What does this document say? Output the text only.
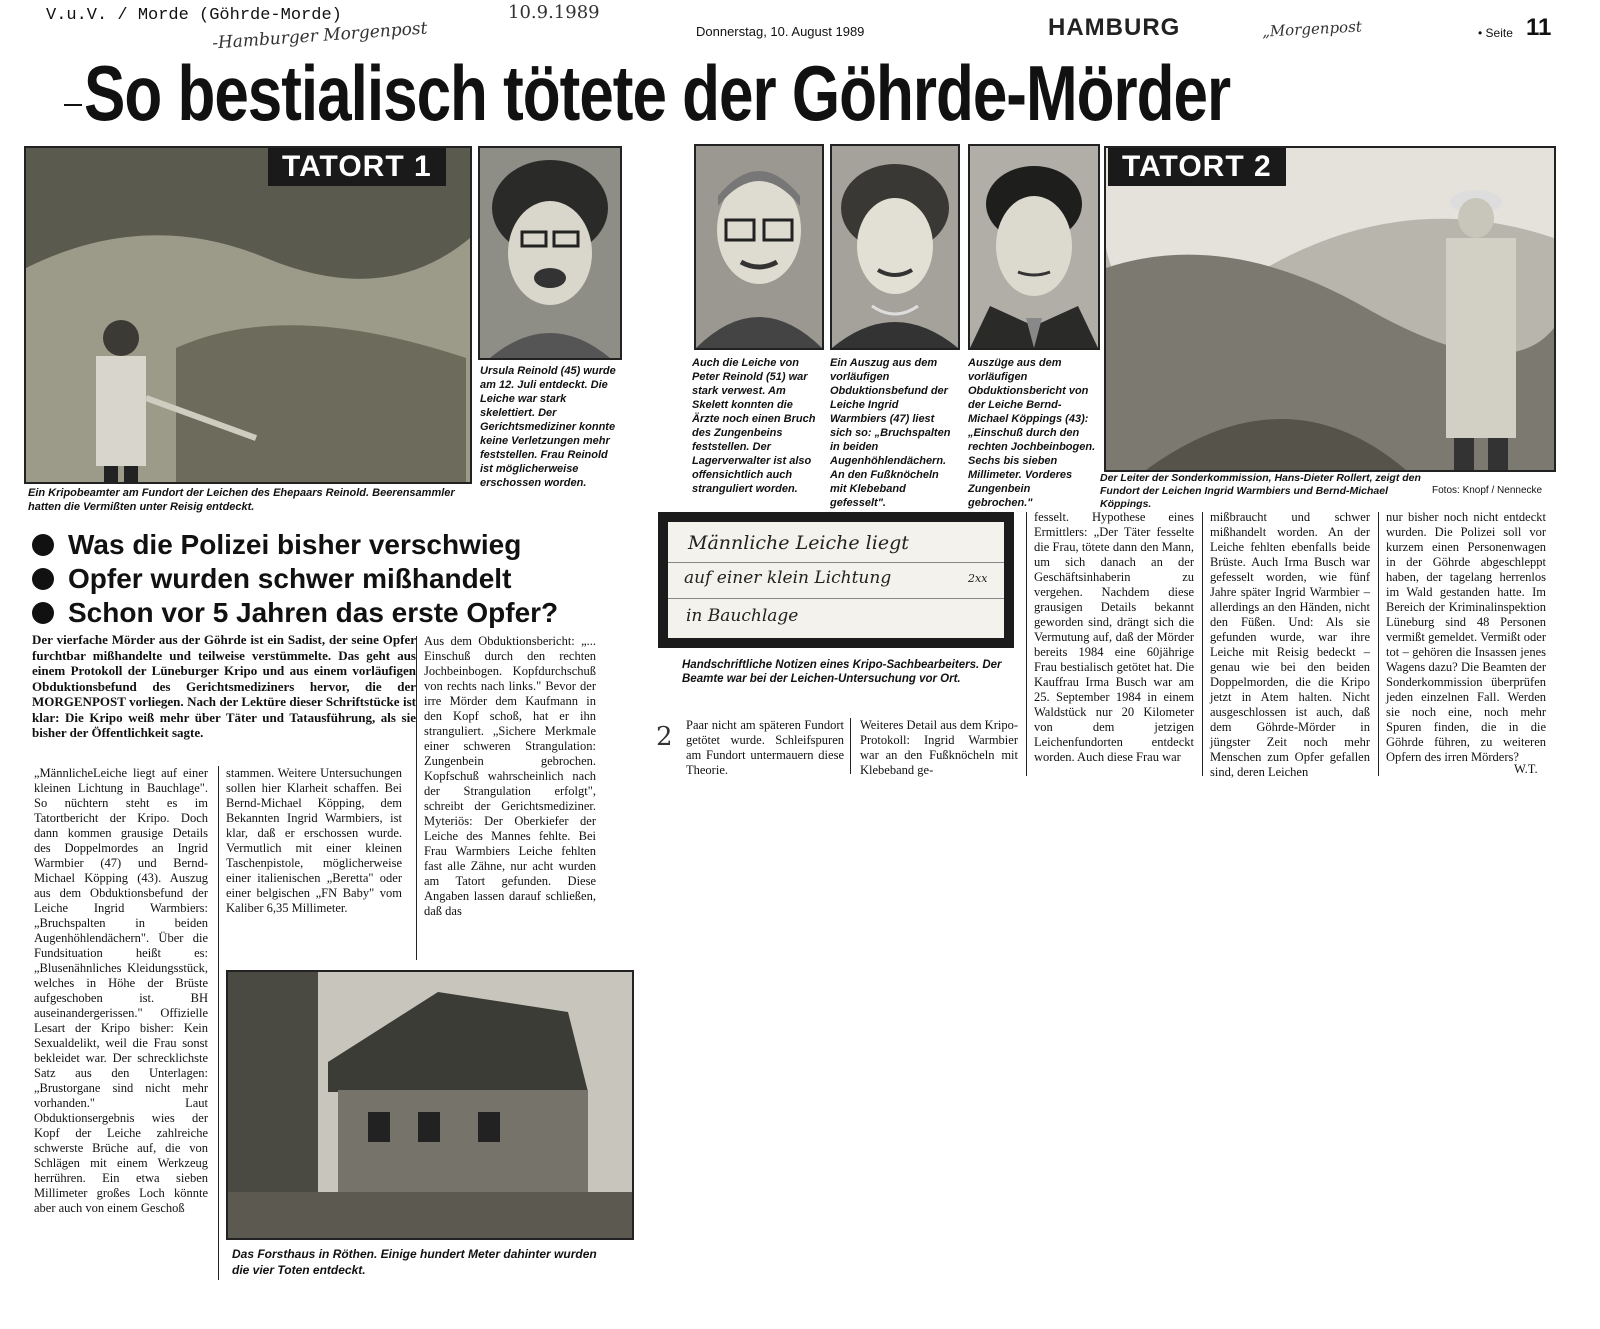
V.u.V. / Morde (Göhrde-Morde)	10.9.1989
-Hamburger Morgenpost	Donnerstag, 10. August 1989	HAMBURG	„Morgenpost	• Seite 11
So bestialisch tötete der Göhrde-Mörder
TATORT 1
Ein Kripobeamter am Fundort der Leichen des Ehepaars Reinold. Beerensammler hatten die Vermißten unter Reisig entdeckt.
Ursula Reinold (45) wurde am 12. Juli entdeckt. Die Leiche war stark skelettiert. Der Gerichtsmediziner konnte keine Verletzungen mehr feststellen. Frau Reinold ist möglicherweise erschossen worden.
Was die Polizei bisher verschwieg
Opfer wurden schwer mißhandelt
Schon vor 5 Jahren das erste Opfer?
Der vierfache Mörder aus der Göhrde ist ein Sadist, der seine Opfer furchtbar mißhandelte und teilweise verstümmelte. Das geht aus einem Protokoll der Lüneburger Kripo und aus einem vorläufigen Obduktionsbefund des Gerichtsmediziners hervor, die der MORGENPOST vorliegen. Nach der Lektüre dieser Schriftstücke ist klar: Die Kripo weiß mehr über Täter und Tatausführung, als sie bisher der Öffentlichkeit sagte.
„MännlicheLeiche liegt auf einer kleinen Lichtung in Bauchlage". So nüchtern steht es im Tatortbericht der Kripo. Doch dann kommen grausige Details des Doppelmordes an Ingrid Warmbier (47) und Bernd-Michael Köpping (43). Auszug aus dem Obduktionsbefund der Leiche Ingrid Warmbiers: „Bruchspalten in beiden Augenhöhlendächern". Über die Fundsituation heißt es: „Blusenähnliches Kleidungsstück, welches in Höhe der Brüste aufgeschoben ist. BH auseinandergerissen." Offizielle Lesart der Kripo bisher: Kein Sexualdelikt, weil die Frau sonst bekleidet war. Der schrecklichste Satz aus den Unterlagen: „Brustorgane sind nicht mehr vorhanden." Laut Obduktionsergebnis wies der Kopf der Leiche zahlreiche schwerste Brüche auf, die von Schlägen mit einem Werkzeug herrühren. Ein etwa sieben Millimeter großes Loch könnte aber auch von einem Geschoß
stammen. Weitere Untersuchungen sollen hier Klarheit schaffen. Bei Bernd-Michael Köpping, dem Bekannten Ingrid Warmbiers, ist klar, daß er erschossen wurde. Vermutlich mit einer kleinen Taschenpistole, möglicherweise einer italienischen „Beretta" oder einer belgischen „FN Baby" vom Kaliber 6,35 Millimeter.
Aus dem Obduktionsbericht: „... Einschuß durch den rechten Jochbeinbogen. Kopfdurchschuß von rechts nach links." Bevor der irre Mörder dem Kaufmann in den Kopf schoß, hat er ihn stranguliert. „Sichere Merkmale einer schweren Strangulation: Zungenbein gebrochen. Kopfschuß wahrscheinlich nach der Strangulation erfolgt", schreibt der Gerichtsmediziner. Myteriös: Der Oberkiefer der Leiche des Mannes fehlte. Bei Frau Warmbiers Leiche fehlten fast alle Zähne, nur acht wurden am Tatort gefunden. Diese Angaben lassen darauf schließen, daß das
Das Forsthaus in Röthen. Einige hundert Meter dahinter wurden die vier Toten entdeckt.
Auch die Leiche von Peter Reinold (51) war stark verwest. Am Skelett konnten die Ärzte noch einen Bruch des Zungenbeins feststellen. Der Lagerverwalter ist also offensichtlich auch stranguliert worden.
Ein Auszug aus dem vorläufigen Obduktionsbefund der Leiche Ingrid Warmbiers (47) liest sich so: „Bruchspalten in beiden Augenhöhlendächern. An den Fußknöcheln mit Klebeband gefesselt".
Auszüge aus dem vorläufigen Obduktionsbericht von der Leiche Bernd-Michael Köppings (43): „Einschuß durch den rechten Jochbeinbogen. Sechs bis sieben Millimeter. Vorderes Zungenbein gebrochen."
TATORT 2
Der Leiter der Sonderkommission, Hans-Dieter Rollert, zeigt den Fundort der Leichen Ingrid Warmbiers und Bernd-Michael Köppings.
Fotos: Knopf / Nennecke
Männliche Leiche liegt
auf einer klein Lichtung
in Bauchlage
2xx
Handschriftliche Notizen eines Kripo-Sachbearbeiters. Der Beamte war bei der Leichen-Untersuchung vor Ort.
2 Paar nicht am späteren Fundort getötet wurde. Schleifspuren am Fundort untermauern diese Theorie.
Weiteres Detail aus dem Kripo-Protokoll: Ingrid Warmbier war an den Fußknöcheln mit Klebeband ge-
fesselt. Hypothese eines Ermittlers: „Der Täter fesselte die Frau, tötete dann den Mann, um sich danach an der Geschäftsinhaberin zu vergehen. Nachdem diese grausigen Details bekannt geworden sind, drängt sich die Vermutung auf, daß der Mörder bereits 1984 eine 60jährige Frau bestialisch getötet hat. Die Kauffrau Irma Busch war am 25. September 1984 in einem Waldstück nur 20 Kilometer von dem jetzigen Leichenfundorten entdeckt worden. Auch diese Frau war
mißbraucht und schwer mißhandelt worden. An der Leiche fehlten ebenfalls beide Brüste. Auch Irma Busch war gefesselt worden, wie fünf Jahre später Ingrid Warmbier – allerdings an den Händen, nicht den Füßen. Und: Als sie gefunden wurde, war ihre Leiche mit Reisig bedeckt – genau wie bei den beiden Doppelmorden, die die Kripo jetzt in Atem halten. Nicht ausgeschlossen ist auch, daß dem Göhrde-Mörder in jüngster Zeit noch mehr Menschen zum Opfer gefallen sind, deren Leichen
nur bisher noch nicht entdeckt wurden. Die Polizei soll vor kurzem einen Personenwagen in der Göhrde abgeschleppt haben, der tagelang herrenlos im Wald gestanden hatte. Im Bereich der Kriminalinspektion Lüneburg sind 48 Personen vermißt gemeldet. Vermißt oder tot – gehören die Insassen jenes Wagens dazu? Die Beamten der Sonderkommission überprüfen jeden einzelnen Fall. Werden sie noch eine, noch mehr Spuren finden, die in die Göhrde führen, zu weiteren Opfern des irren Mörders?
W.T.
